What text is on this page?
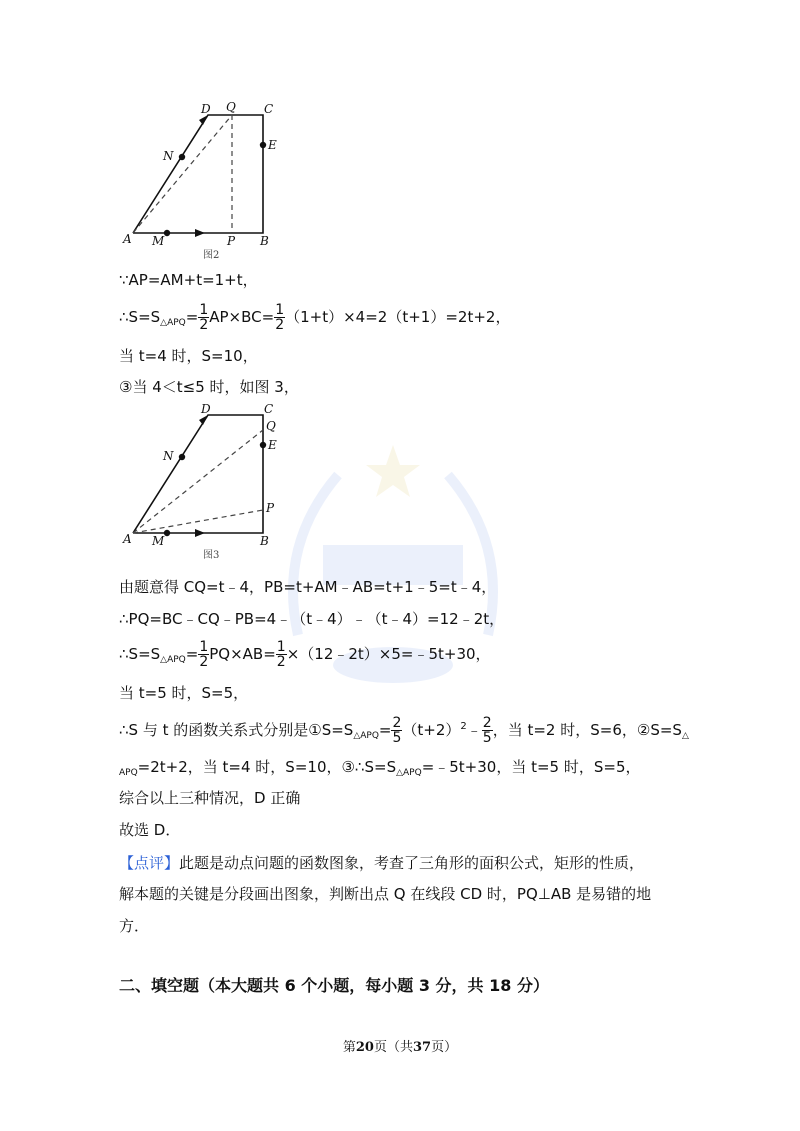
D Q C
E
N
A M	P B
图2
∵AP=AM+t=1+t，
$\therefore S=S_{\triangle APQ}= \frac{1}{2} AP\times BC= \frac{1}{2} (1+t)\times 4=2(t+1)=2t+2$，
当 t=4 时，S=10，
③当 4＜t≤5 时，如图 3，
D	C
Q
E
N
P
A M	B
图3
由题意得 CQ=t﹣4，PB=t+AM﹣AB=t+1﹣5=t﹣4，
∴PQ=BC﹣CQ﹣PB=4﹣（t﹣4）﹣（t﹣4）=12﹣2t，
$\therefore S=S_{\triangle APQ}= \frac{1}{2} PQ\times AB= \frac{1}{2}$ ×（12﹣2t）×5=﹣5t+30，
当 t=5 时，S=5，
∴S 与 t 的函数关系式分别是$①S=S_{\triangle APQ}= \frac{2}{5}$ $(t+2)^2﹣ \frac{2}{5}$ ，当 t=2 时，S=6，$②S=S_\triangle$
$_{APQ}$=2t+2，当 t=4 时，S=10，$③\therefore S=S_{\triangle APQ}=﹣5t+30$，当 t=5 时，S=5，
综合以上三种情况，D 正确
故选 D．
【点评】此题是动点问题的函数图象，考查了三角形的面积公式，矩形的性质，
解本题的关键是分段画出图象，判断出点 Q 在线段 CD 时，PQ⊥AB 是易错的地
方．
二、填空题（本大题共 6 个小题，每小题 3 分，共 18 分）
第20页（共37页）
